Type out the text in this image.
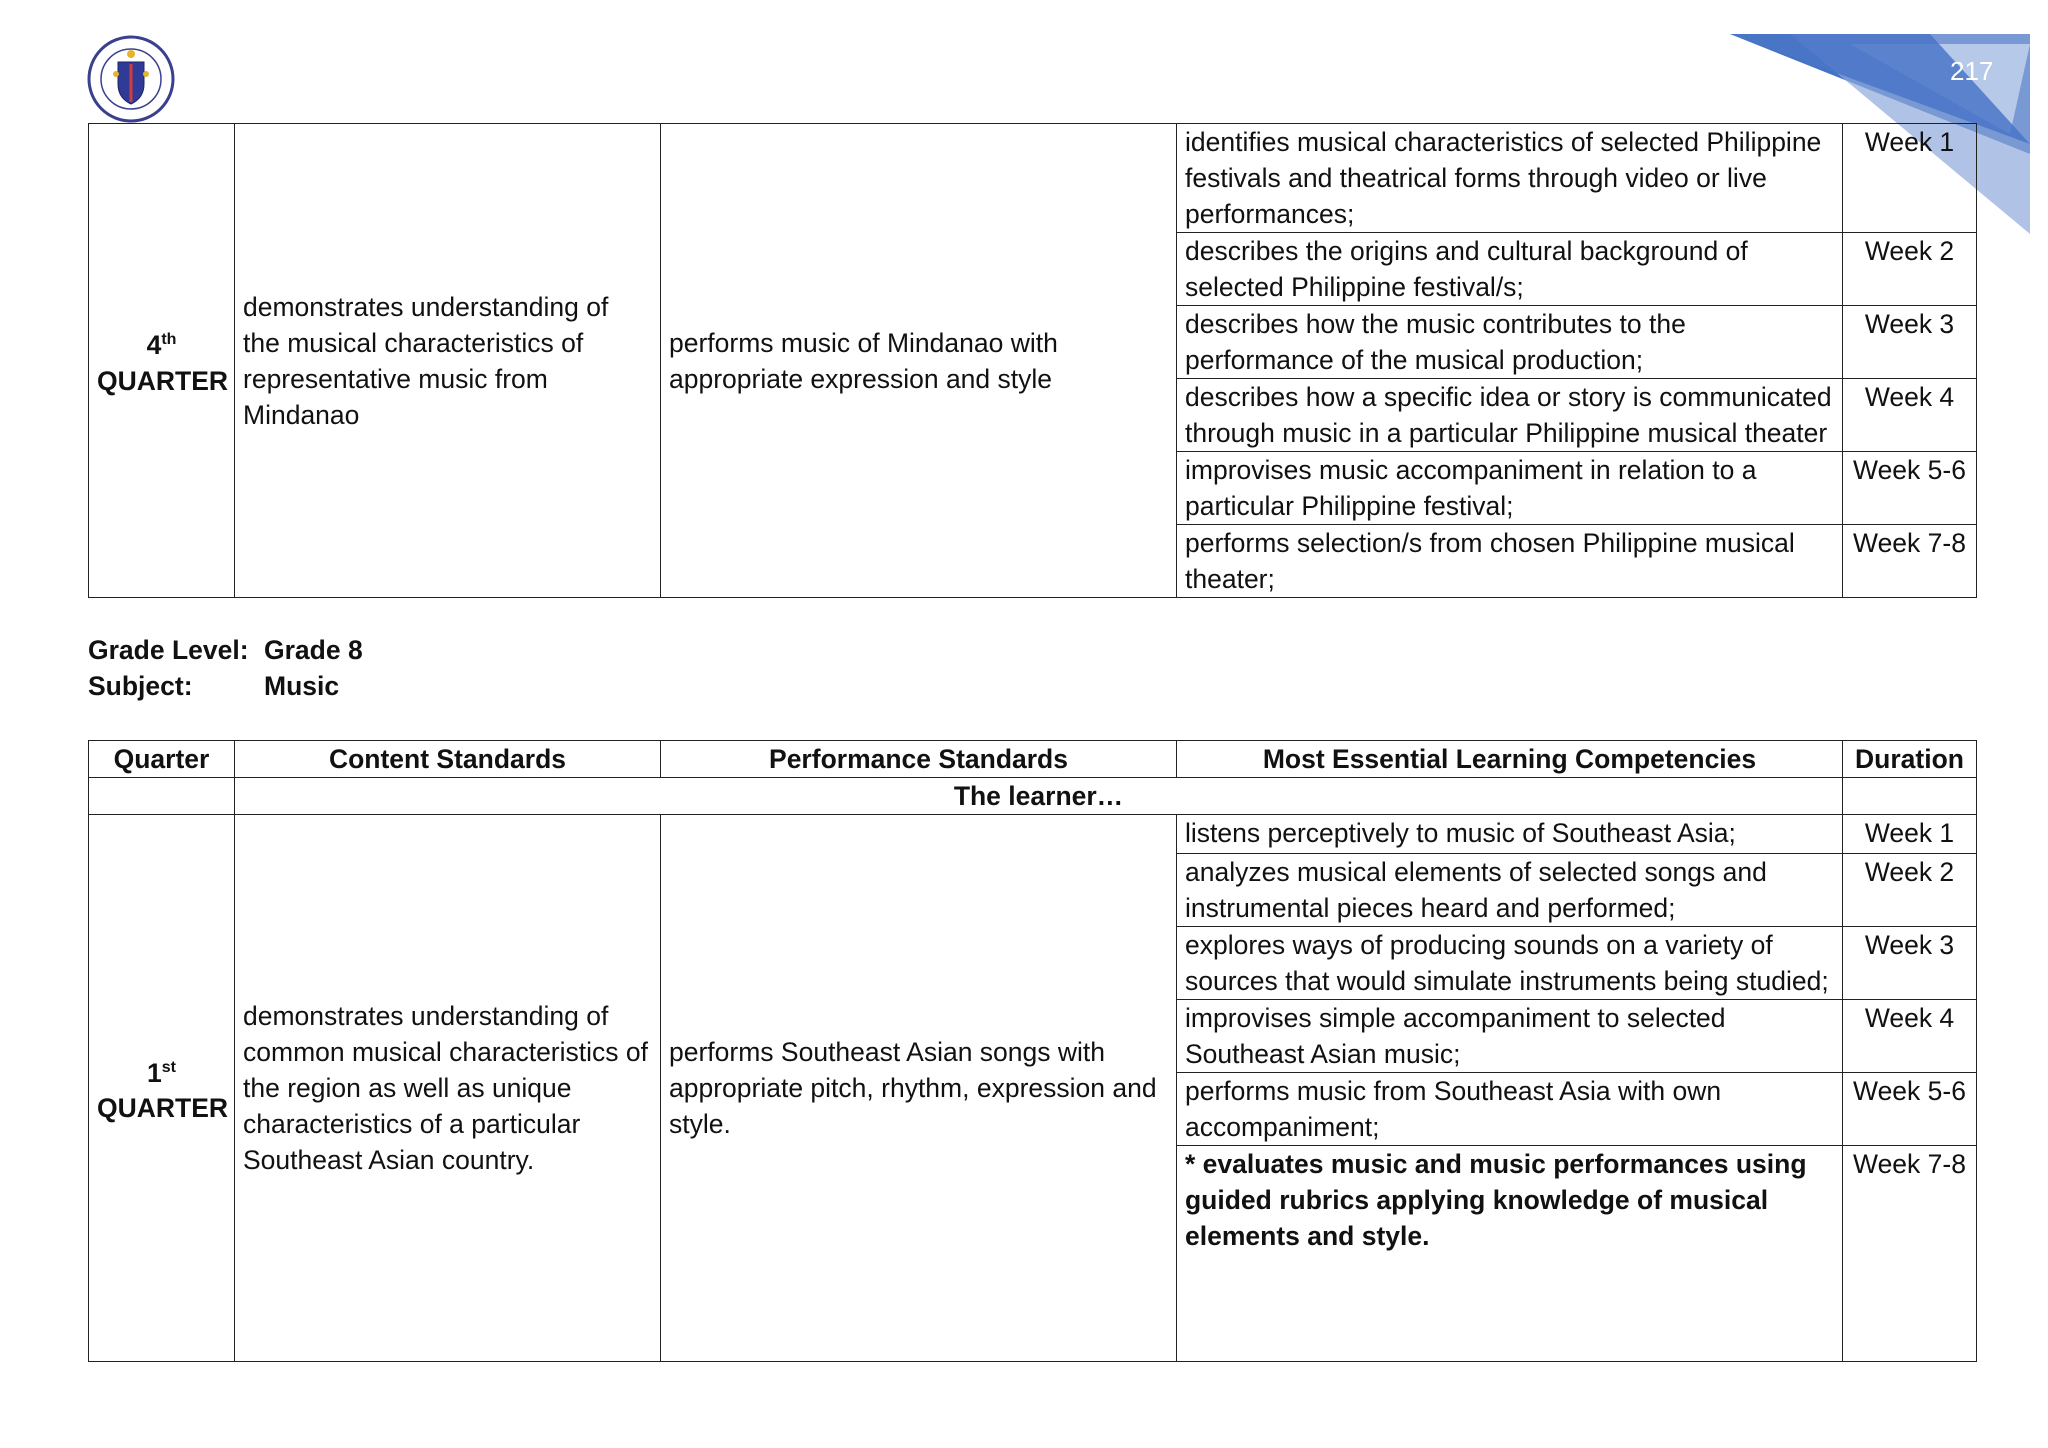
217
4th
QUARTER	demonstrates understanding of the musical characteristics of representative music from Mindanao	performs music of Mindanao with appropriate expression and style	identifies musical characteristics of selected Philippine festivals and theatrical forms through video or live performances;	Week 1
			describes the origins and cultural background of selected Philippine festival/s;	Week 2
			describes how the music contributes to the performance of the musical production;	Week 3
			describes how a specific idea or story is communicated through music in a particular Philippine musical theater	Week 4
			improvises music accompaniment in relation to a particular Philippine festival;	Week 5-6
			performs selection/s from chosen Philippine musical theater;	Week 7-8
Grade Level: Grade 8
Subject:	Music
Quarter	Content Standards	Performance Standards	Most Essential Learning Competencies	Duration
	The learner…			

1st
QUARTER	demonstrates understanding of common musical characteristics of the region as well as unique characteristics of a particular Southeast Asian country.	performs Southeast Asian songs with appropriate pitch, rhythm, expression and style.	listens perceptively to music of Southeast Asia;	Week 1
			analyzes musical elements of selected songs and instrumental pieces heard and performed;	Week 2
			explores ways of producing sounds on a variety of sources that would simulate instruments being studied;	Week 3
			improvises simple accompaniment to selected Southeast Asian music;	Week 4
			performs music from Southeast Asia with own accompaniment;	Week 5-6
			* evaluates music and music performances using guided rubrics applying knowledge of musical elements and style.	Week 7-8
